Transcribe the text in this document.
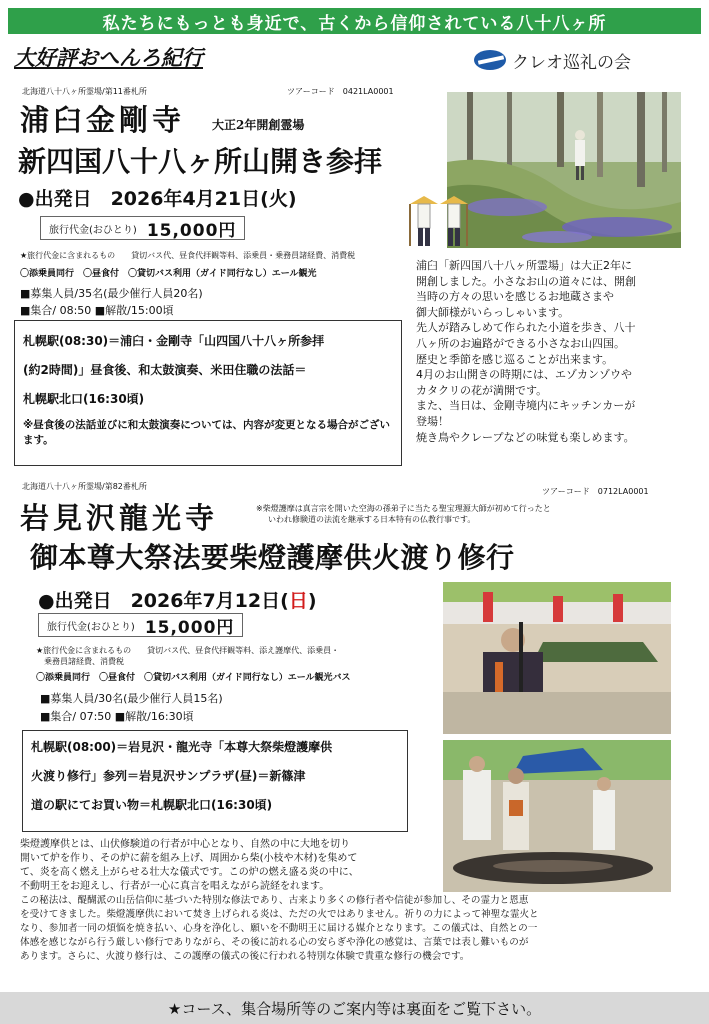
私たちにもっとも身近で、古くから信仰されている八十八ヶ所
大好評おへんろ紀行	クレオ巡礼の会
北海道八十八ヶ所霊場/第11番札所	ツアーコード　0421LA0001
浦臼金剛寺 大正2年開創霊場
新四国八十八ヶ所山開き参拝
●出発日　2026年4月21日(火)
旅行代金(おひとり) 15,000円
★旅行代金に含まれるもの　　貸切バス代、昼食代拝観等料、添乗員・乗務員諸経費、消費税
〇添乗員同行　〇昼食付　〇貸切バス利用（ガイド同行なし）エール観光
■募集人員/35名(最少催行人員20名)
■集合/ 08:50 ■解散/15:00頃

札幌駅(08:30)＝浦臼・金剛寺「山四国八十八ヶ所参拝

(約2時間)」昼食後、和太鼓演奏、米田住職の法話＝

札幌駅北口(16:30頃)

※昼食後の法話並びに和太鼓演奏については、内容が変更となる場合がございます。

浦臼「新四国八十八ヶ所霊場」は大正2年に

開創しました。小さなお山の道々には、開創

当時の方々の思いを感じるお地蔵さまや

御大師様がいらっしゃいます。

先人が踏みしめて作られた小道を歩き、八十

八ヶ所のお遍路ができる小さなお山四国。

歴史と季節を感じ巡ることが出来ます。

4月のお山開きの時期には、エゾカンゾウや

カタクリの花が満開です。

また、当日は、金剛寺境内にキッチンカーが

登場！

焼き鳥やクレープなどの味覚も楽しめます。

北海道八十八ヶ所霊場/第82番札所
ツアーコード　0712LA0001
岩見沢龍光寺	※柴燈護摩は真言宗を開いた空海の孫弟子に当たる聖宝理源大師が初めて行ったと
いわれ修験道の法流を継承する日本特有の仏教行事です。
御本尊大祭法要柴燈護摩供火渡り修行
●出発日　2026年7月12日(日)
旅行代金(おひとり) 15,000円
★旅行代金に含まれるもの　　貸切バス代、昼食代拝観等料、添え護摩代、添乗員・
乗務員諸経費、消費税
〇添乗員同行　〇昼食付　〇貸切バス利用（ガイド同行なし）エール観光バス
■募集人員/30名(最少催行人員15名)
■集合/ 07:50 ■解散/16:30頃

札幌駅(08:00)＝岩見沢・龍光寺「本尊大祭柴燈護摩供

火渡り修行」参列＝岩見沢サンプラザ(昼)＝新篠津

道の駅にてお買い物＝札幌駅北口(16:30頃)

柴燈護摩供とは、山伏修験道の行者が中心となり、自然の中に大地を切り

開いて炉を作り、その炉に薪を組み上げ、周囲から柴(小枝や木材)を集めて

て、炎を高く燃え上がらせる壮大な儀式です。この炉の燃え盛る炎の中に、

不動明王をお迎えし、行者が一心に真言を唱えながら読経をれます。

この秘法は、醍醐派の山岳信仰に基づいた特別な修法であり、古来より多くの修行者や信徒が参加し、その霊力と恩恵

を受けてきました。柴燈護摩供において焚き上げられる炎は、ただの火ではありません。祈りの力によって神聖な霊火と

なり、参加者一同の煩悩を焼き払い、心身を浄化し、願いを不動明王に届ける媒介となります。この儀式は、自然との一

体感を感じながら行う厳しい修行でありながら、その後に訪れる心の安らぎや浄化の感覚は、言葉では表し難いものが

あります。さらに、火渡り修行は、この護摩の儀式の後に行われる特別な体験で貴重な修行の機会です。

★コース、集合場所等のご案内等は裏面をご覧下さい。
